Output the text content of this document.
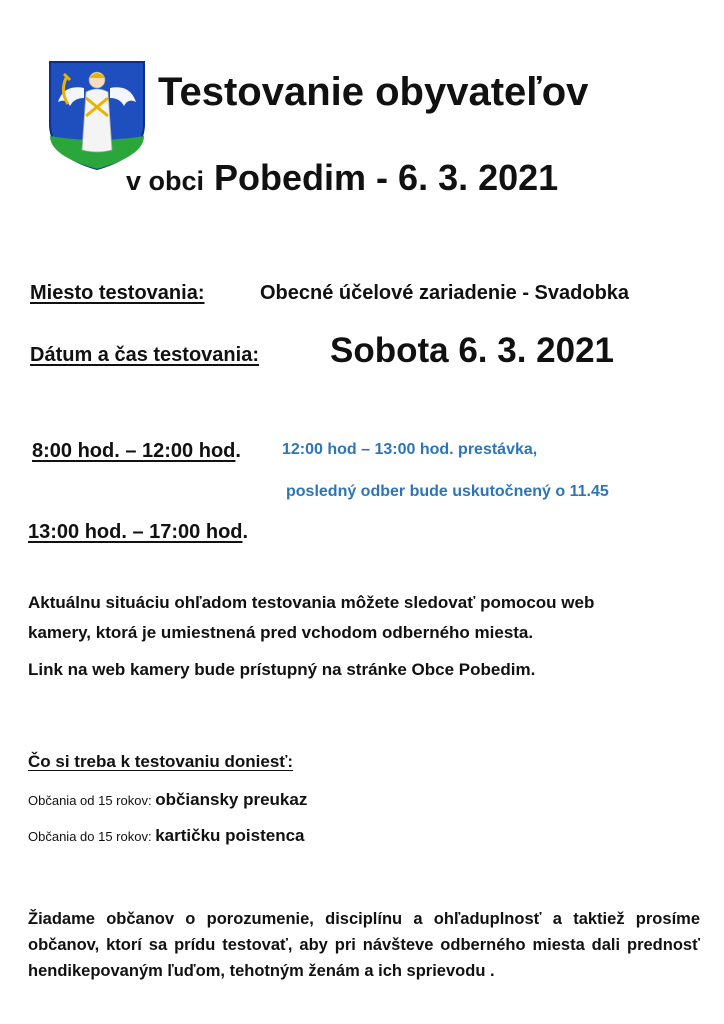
Testovanie obyvateľov
v obci Pobedim - 6. 3. 2021
Miesto testovania:	Obecné účelové zariadenie - Svadobka
Dátum a čas testovania: Sobota 6. 3. 2021
8:00 hod. – 12:00 hod.	12:00 hod – 13:00 hod. prestávka,
posledný odber bude uskutočnený o 11.45
13:00 hod. – 17:00 hod.
Aktuálnu situáciu ohľadom testovania môžete sledovať pomocou web
kamery, ktorá je umiestnená pred vchodom odberného miesta.
Link na web kamery bude prístupný na stránke Obce Pobedim.
Čo si treba k testovaniu doniesť:
Občania od 15 rokov: občiansky preukaz
Občania do 15 rokov: kartičku poistenca
Žiadame občanov o porozumenie, disciplínu a ohľaduplnosť a taktiež prosíme občanov, ktorí sa prídu testovať, aby pri návšteve odberného miesta dali prednosť hendikepovaným ľuďom, tehotným ženám a ich sprievodu .
